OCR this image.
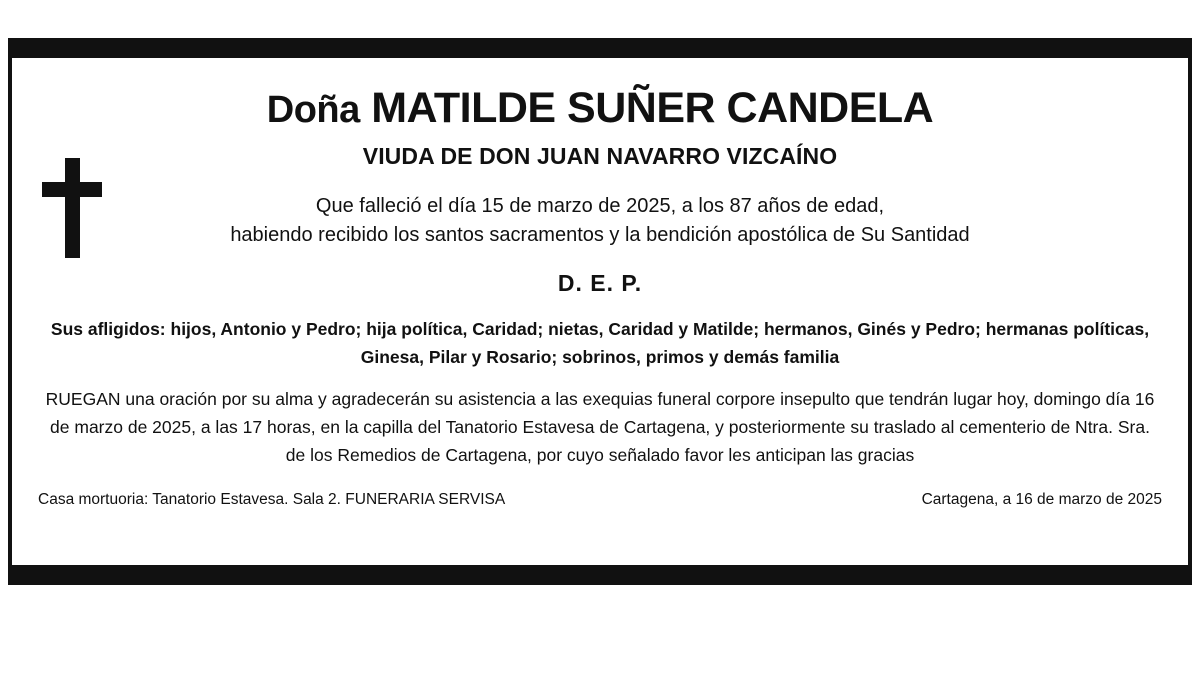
Doña MATILDE SUÑER CANDELA
VIUDA DE DON JUAN NAVARRO VIZCAÍNO
Que falleció el día 15 de marzo de 2025, a los 87 años de edad,
habiendo recibido los santos sacramentos y la bendición apostólica de Su Santidad
D. E. P.
Sus afligidos: hijos, Antonio y Pedro; hija política, Caridad; nietas, Caridad y Matilde; hermanos, Ginés y Pedro; hermanas políticas, Ginesa, Pilar y Rosario; sobrinos, primos y demás familia
RUEGAN una oración por su alma y agradecerán su asistencia a las exequias funeral corpore insepulto que tendrán lugar hoy, domingo día 16 de marzo de 2025, a las 17 horas, en la capilla del Tanatorio Estavesa de Cartagena, y posteriormente su traslado al cementerio de Ntra. Sra. de los Remedios de Cartagena, por cuyo señalado favor les anticipan las gracias
Casa mortuoria: Tanatorio Estavesa. Sala 2. FUNERARIA SERVISA	Cartagena, a 16 de marzo de 2025
